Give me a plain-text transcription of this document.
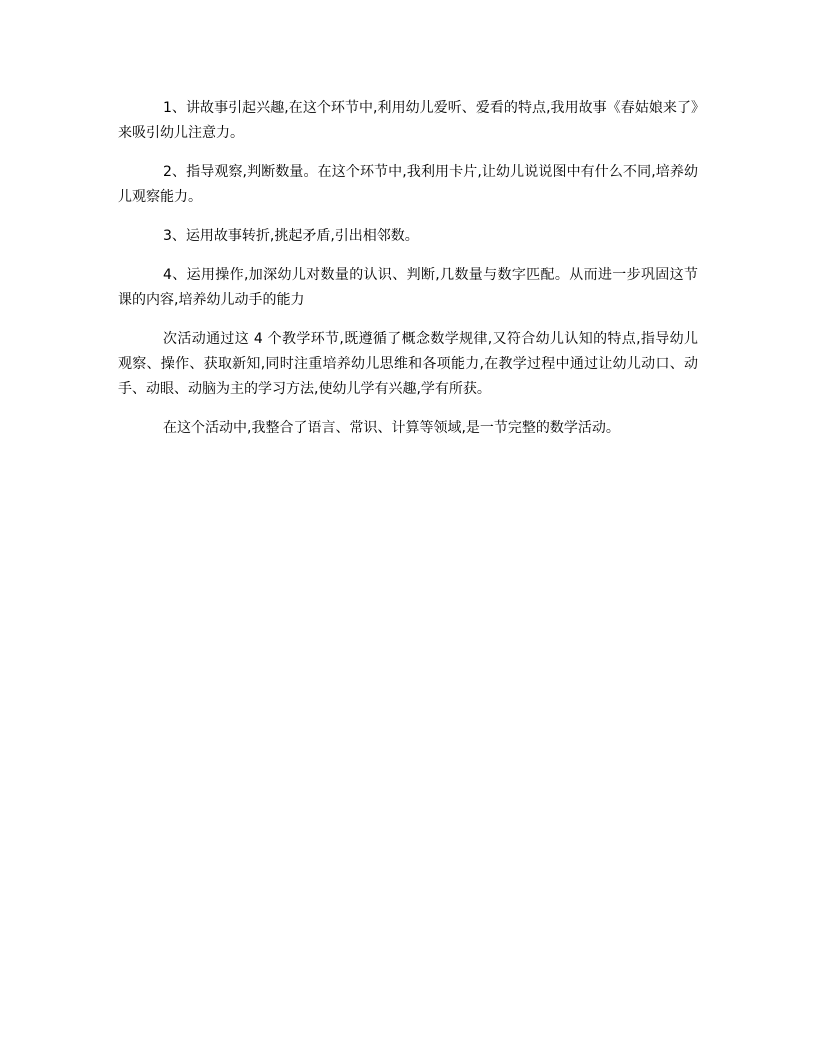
1、讲故事引起兴趣,在这个环节中,利用幼儿爱听、爱看的特点,我用故事《春姑娘来了》来吸引幼儿注意力。

2、指导观察,判断数量。在这个环节中,我利用卡片,让幼儿说说图中有什么不同,培养幼儿观察能力。

3、运用故事转折,挑起矛盾,引出相邻数。

4、运用操作,加深幼儿对数量的认识、判断,几数量与数字匹配。从而进一步巩固这节课的内容,培养幼儿动手的能力

次活动通过这 4 个教学环节,既遵循了概念数学规律,又符合幼儿认知的特点,指导幼儿观察、操作、获取新知,同时注重培养幼儿思维和各项能力,在教学过程中通过让幼儿动口、动手、动眼、动脑为主的学习方法,使幼儿学有兴趣,学有所获。

在这个活动中,我整合了语言、常识、计算等领域,是一节完整的数学活动。
